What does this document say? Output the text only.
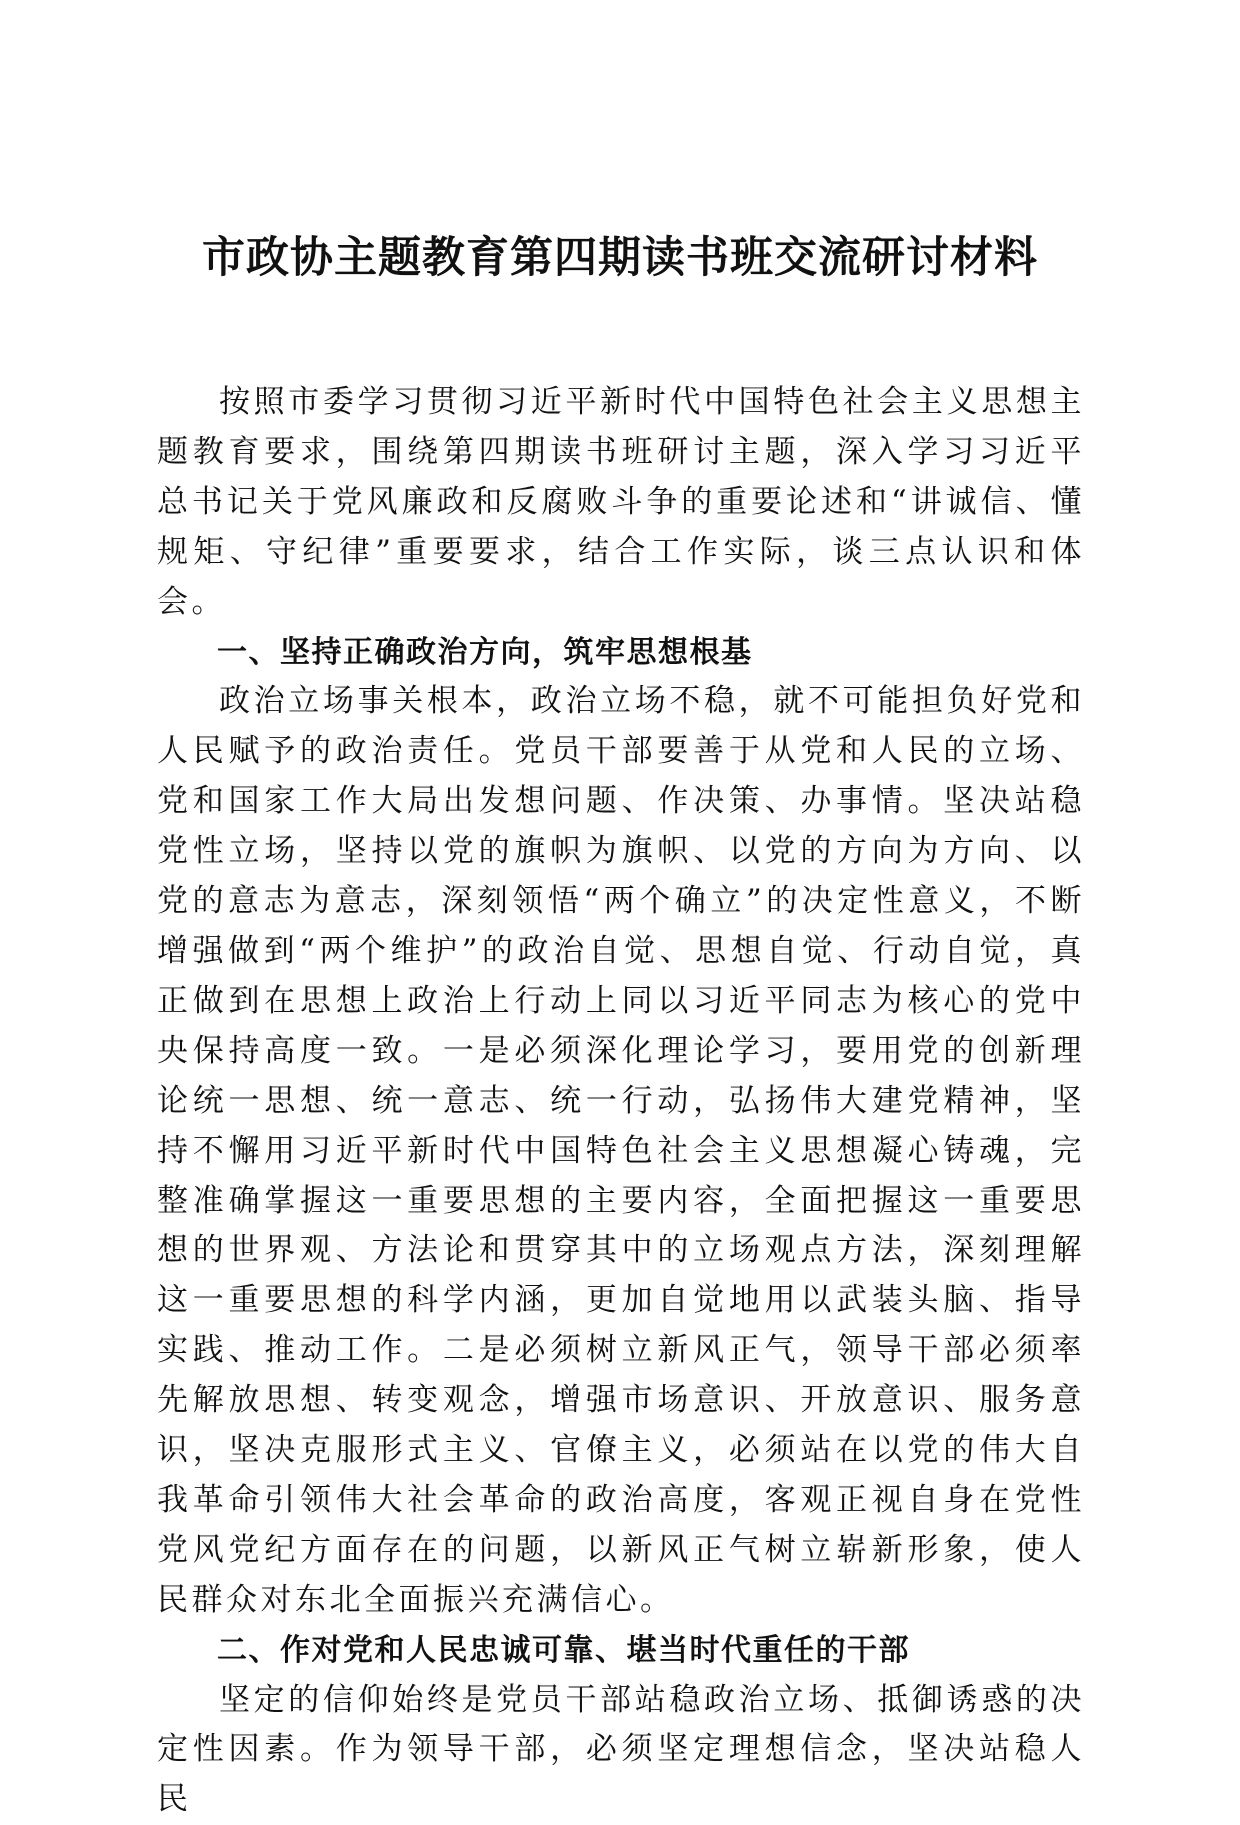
市政协主题教育第四期读书班交流研讨材料

按照市委学习贯彻习近平新时代中国特色社会主义思想主题教育要求，围绕第四期读书班研讨主题，深入学习习近平总书记关于党风廉政和反腐败斗争的重要论述和“讲诚信、懂规矩、守纪律”重要要求，结合工作实际，谈三点认识和体会。

一、坚持正确政治方向，筑牢思想根基

政治立场事关根本，政治立场不稳，就不可能担负好党和人民赋予的政治责任。党员干部要善于从党和人民的立场、党和国家工作大局出发想问题、作决策、办事情。坚决站稳党性立场，坚持以党的旗帜为旗帜、以党的方向为方向、以党的意志为意志，深刻领悟“两个确立”的决定性意义，不断增强做到“两个维护”的政治自觉、思想自觉、行动自觉，真正做到在思想上政治上行动上同以习近平同志为核心的党中央保持高度一致。一是必须深化理论学习，要用党的创新理论统一思想、统一意志、统一行动，弘扬伟大建党精神，坚持不懈用习近平新时代中国特色社会主义思想凝心铸魂，完整准确掌握这一重要思想的主要内容，全面把握这一重要思想的世界观、方法论和贯穿其中的立场观点方法，深刻理解这一重要思想的科学内涵，更加自觉地用以武装头脑、指导实践、推动工作。二是必须树立新风正气，领导干部必须率先解放思想、转变观念，增强市场意识、开放意识、服务意识，坚决克服形式主义、官僚主义，必须站在以党的伟大自我革命引领伟大社会革命的政治高度，客观正视自身在党性党风党纪方面存在的问题，以新风正气树立崭新形象，使人民群众对东北全面振兴充满信心。

二、作对党和人民忠诚可靠、堪当时代重任的干部

坚定的信仰始终是党员干部站稳政治立场、抵御诱惑的决定性因素。作为领导干部，必须坚定理想信念，坚决站稳人民
